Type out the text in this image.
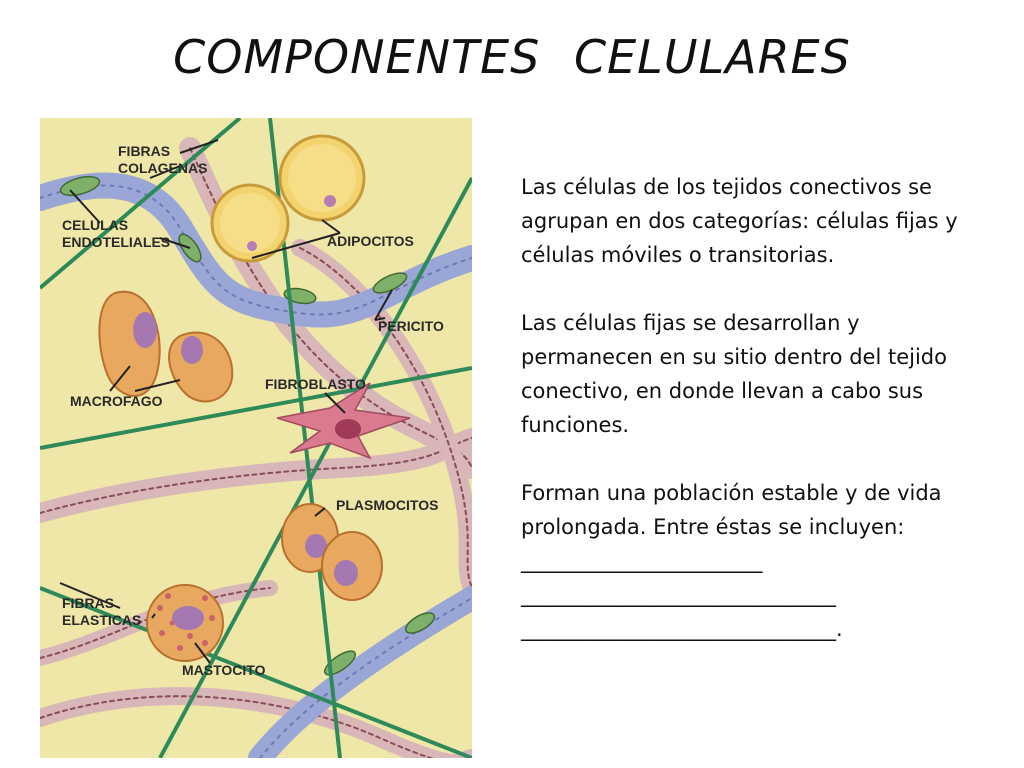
COMPONENTES CELULARES
FIBRAS
COLAGENAS
CELULAS
ENDOTELIALES	ADIPOCITOS
PERICITO
FIBROBLASTO
MACROFAGO
PLASMOCITOS
FIBRAS
ELASTICAS
MASTOCITO

Las células de los tejidos conectivos se agrupan en dos categorías: células fijas y células móviles o transitorias.

Las células fijas se desarrollan y permanecen en su sitio dentro del tejido conectivo, en donde llevan a cabo sus funciones.

Forman una población estable y de vida prolongada. Entre éstas se incluyen: _______________________
______________________________
______________________________.
